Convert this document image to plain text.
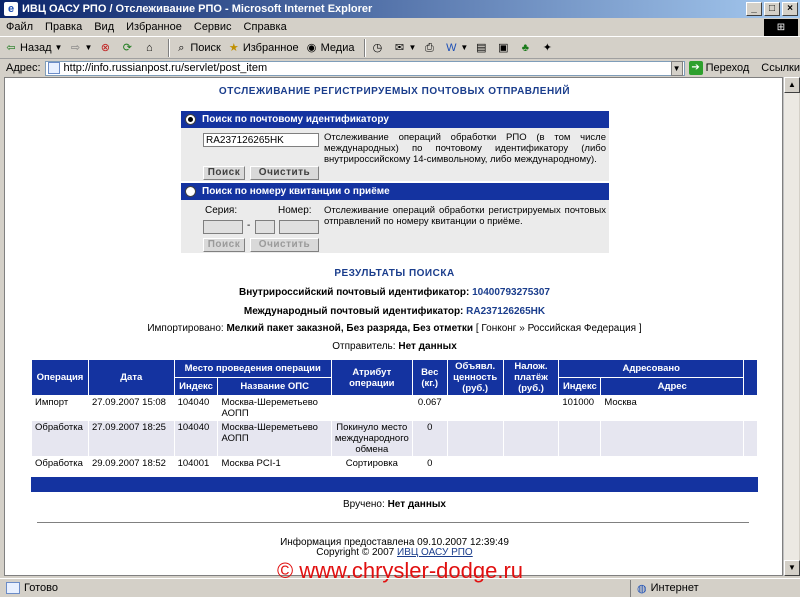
e ИВЦ ОАСУ РПО / Отслеживание РПО - Microsoft Internet Explorer	_	□	×
Файл Правка Вид Избранное Сервис Справка	⊞
⇦ Назад ▼ ⇨ ▼ ⊗ ⟳	⌂	⌕ Поиск ★ Избранное ◉ Медиа ◷ ✉ ▼ ⎙ W ▼ ▤ ▣	♣	✦
Адрес: http://info.russianpost.ru/servlet/post_item	▼ ➔ Переход Ссылки
ОТСЛЕЖИВАНИЕ РЕГИСТРИРУЕМЫХ ПОЧТОВЫХ ОТПРАВЛЕНИЙ
Поиск по почтовому идентификатору
RA237126265HK
Отслеживание операций обработки РПО (в том числе международных) по почтовому идентификатору (либо внутрироссийскому 14-символьному, либо международному).
Поиск	Очистить
Поиск по номеру квитанции о приёме
Серия:	Номер:
-
Отслеживание операций обработки регистрируемых почтовых отправлений по номеру квитанции о приёме.
Поиск	Очистить
РЕЗУЛЬТАТЫ ПОИСКА
Внутрироссийский почтовый идентификатор: 10400793275307
Международный почтовый идентификатор: RA237126265HK
Импортировано: Мелкий пакет заказной, Без разряда, Без отметки [ Гонконг » Российская Федерация ]
Отправитель: Нет данных
Операция	Дата	Место проведения операции		Атрибут операции	Вес (кг.)	Объявл. ценность (руб.)	Налож. платёж (руб.)	Адресовано		
		Индекс	Название ОПС					Индекс	Адрес	
Импорт	27.09.2007 15:08	104040	Москва-Шереметьево АОПП		0.067			101000	Москва	
Обработка	27.09.2007 18:25	104040	Москва-Шереметьево АОПП	Покинуло место международного обмена	0					
Обработка	29.09.2007 18:52	104001	Москва PCI-1	Сортировка	0					
Вручено: Нет данных
Информация предоставлена 09.10.2007 12:39:49
Copyright © 2007 ИВЦ ОАСУ РПО
▲
▼
© www.chrysler-dodge.ru
Готово	◍ Интернет
